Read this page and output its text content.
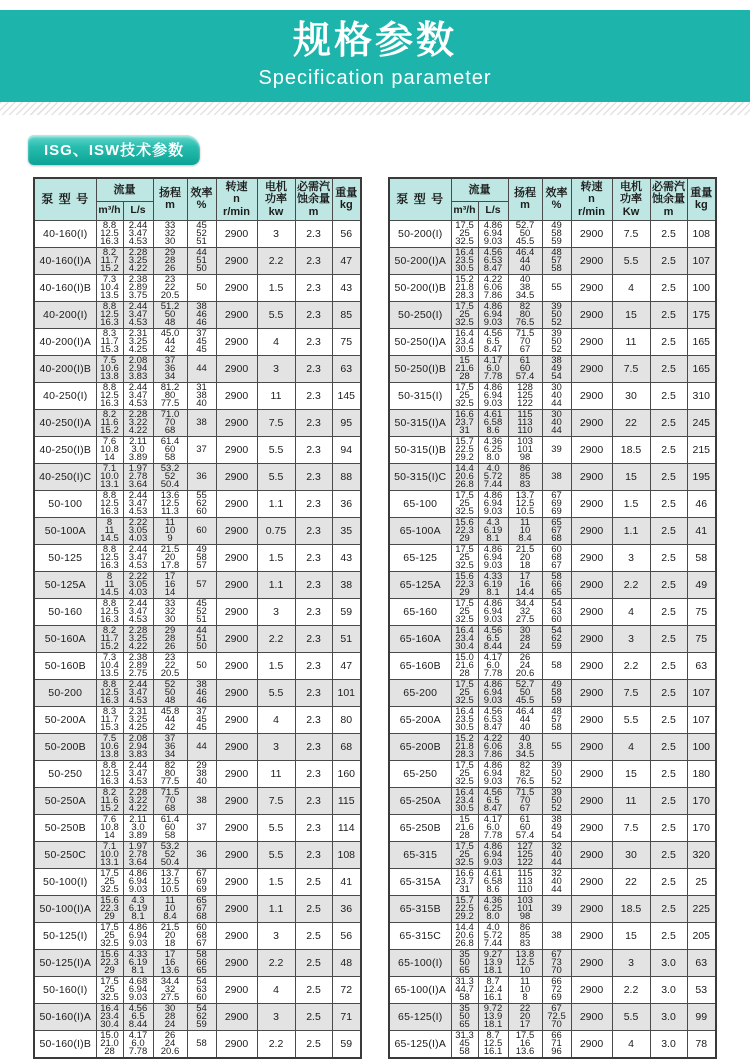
规格参数
Specification parameter
ISG、ISW技术参数
泵 型 号	流量		扬程
m	效率
%	转速
n
r/min	电机
功率
kw	必需汽
蚀余量
m	重量
kg
	m³/h	L/s						
40-160(I)	8.8
12.5
16.3	2.44
3.47
4.53	33
32
30	45
52
51	2900	3	2.3	56
40-160(I)A	8.2
11.7
15.2	2.28
3.25
4.22	29
28
26	44
51
50	2900	2.2	2.3	47
40-160(I)B	7.3
10.4
13.5	2.38
2.89
3.75	23
22
20.5	50	2900	1.5	2.3	43
40-200(I)	8.8
12.5
16.3	2.44
3.47
4.53	51.2
50
48	38
46
46	2900	5.5	2.3	85
40-200(I)A	8.3
11.7
15.3	2.31
3.25
4.25	45.0
44
42	37
45
45	2900	4	2.3	75
40-200(I)B	7.5
10.6
13.8	2.08
2.94
3.83	37
36
34	44	2900	3	2.3	63
40-250(I)	8.8
12.5
16.3	2.44
3.47
4.53	81.2
80
77.5	31
38
40	2900	11	2.3	145
40-250(I)A	8.2
11.6
15.2	2.28
3.22
4.22	71.0
70
68	38	2900	7.5	2.3	95
40-250(I)B	7.6
10.8
14	2.11
3.0
3.89	61.4
60
58	37	2900	5.5	2.3	94
40-250(I)C	7.1
10.0
13.1	1.97
2.78
3.64	53.2
52
50.4	36	2900	5.5	2.3	88
50-100	8.8
12.5
16.3	2.44
3.47
4.53	13.6
12.5
11.3	55
62
60	2900	1.1	2.3	36
50-100A	8
11
14.5	2.22
3.05
4.03	11
10
9	60	2900	0.75	2.3	35
50-125	8.8
12.5
16.3	2.44
3.47
4.53	21.5
20
17.8	49
58
57	2900	1.5	2.3	43
50-125A	8
11
14.5	2.22
3.05
4.03	17
16
14	57	2900	1.1	2.3	38
50-160	8.8
12.5
16.3	2.44
3.47
4.53	33
32
30	45
52
51	2900	3	2.3	59
50-160A	8.2
11.7
15.2	2.28
3.25
4.22	29
28
26	44
51
50	2900	2.2	2.3	51
50-160B	7.3
10.4
13.5	2.38
2.89
2.75	23
22
20.5	50	2900	1.5	2.3	47
50-200	8.8
12.5
16.3	2.44
3.47
4.53	52
50
48	38
46
46	2900	5.5	2.3	101
50-200A	8.3
11.7
15.3	2.31
3.25
4.25	45.8
44
42	37
45
45	2900	4	2.3	80
50-200B	7.5
10.6
13.8	2.08
2.94
3.83	37
36
34	44	2900	3	2.3	68
50-250	8.8
12.5
16.3	2.44
3.47
4.53	82
80
77.5	29
38
40	2900	11	2.3	160
50-250A	8.2
11.6
15.2	2.28
3.22
4.22	71.5
70
68	38	2900	7.5	2.3	115
50-250B	7.6
10.8
14	2.11
3.0
3.89	61.4
60
58	37	2900	5.5	2.3	114
50-250C	7.1
10.0
13.1	1.97
2.78
3.64	53.2
52
50.4	36	2900	5.5	2.3	108
50-100(I)	17.5
25
32.5	4.86
6.94
9.03	13.7
12.5
10.5	67
69
69	2900	1.5	2.5	41
50-100(I)A	15.6
22.3
29	4.3
6.19
8.1	11
10
8.4	65
67
68	2900	1.1	2.5	36
50-125(I)	17.5
25
32.5	4.86
6.94
9.03	21.5
20
18	60
68
67	2900	3	2.5	56
50-125(I)A	15.6
22.3
29	4.33
6.19
8.1	17
16
13.6	58
66
65	2900	2.2	2.5	48
50-160(I)	17.5
25
32.5	4.68
6.94
9.03	34.4
32
27.5	54
63
60	2900	4	2.5	72
50-160(I)A	16.4
23.4
30.4	4.56
6.5
8.44	30
28
24	54
62
59	2900	3	2.5	71
50-160(I)B	15.0
21.0
28	4.17
6.0
7.78	26
24
20.6	58	2900	2.2	2.5	59
泵 型 号	流量		扬程
m	效率
%	转速
n
r/min	电机
功率
Kw	必需汽
蚀余量
m	重量
kg
	m³/h	L/s						
50-200(I)	17.5
25
32.5	4.86
6.94
9.03	52.7
50
45.5	49
58
59	2900	7.5	2.5	108
50-200(I)A	16.4
23.5
30.5	4.56
6.53
8.47	46.4
44
40	48
57
58	2900	5.5	2.5	107
50-200(I)B	15.2
21.8
28.3	4.22
6.06
7.86	40
38
34.5	55	2900	4	2.5	100
50-250(I)	17.5
25
32.5	4.86
6.94
9.03	82
80
76.5	39
50
52	2900	15	2.5	175
50-250(I)A	16.4
23.4
30.5	4.56
6.5
8.47	71.5
70
67	39
50
52	2900	11	2.5	165
50-250(I)B	15
21.6
28	4.17
6.0
7.78	61
60
57.4	38
49
54	2900	7.5	2.5	165
50-315(I)	17.5
25
32.5	4.86
6.94
9.03	128
125
122	30
40
44	2900	30	2.5	310
50-315(I)A	16.6
23.7
31	4.61
6.58
8.6	115
113
110	30
40
44	2900	22	2.5	245
50-315(I)B	15.7
22.5
29.2	4.36
6.25
8.0	103
101
98	39	2900	18.5	2.5	215
50-315(I)C	14.4
20.6
26.8	4.0
5.72
7.44	86
85
83	38	2900	15	2.5	195
65-100	17.5
25
32.5	4.86
6.94
9.03	13.7
12.5
10.5	67
69
69	2900	1.5	2.5	46
65-100A	15.6
22.3
29	4.3
6.19
8.1	11
10
8.4	65
67
68	2900	1.1	2.5	41
65-125	17.5
25
32.5	4.86
6.94
9.03	21.5
20
18	60
68
67	2900	3	2.5	58
65-125A	15.6
22.3
29	4.33
6.19
8.1	17
16
14.4	58
66
65	2900	2.2	2.5	49
65-160	17.5
25
32.5	4.86
6.94
9.03	34.4
32
27.5	54
63
60	2900	4	2.5	75
65-160A	16.4
23.4
30.4	4.56
6.5
8.44	30
28
24	54
62
59	2900	3	2.5	75
65-160B	15.0
21.6
28	4.17
6.0
7.78	26
24
20.6	58	2900	2.2	2.5	63
65-200	17.5
25
32.5	4.86
6.94
9.03	52.7
50
45.5	49
58
59	2900	7.5	2.5	107
65-200A	16.4
23.5
30.5	4.56
6.53
8.47	46.4
44
40	48
57
58	2900	5.5	2.5	107
65-200B	15.2
21.8
28.3	4.22
6.06
7.86	40
3.8
34.5	55	2900	4	2.5	100
65-250	17.5
25
32.5	4.86
6.94
9.03	82
82
76.5	39
50
52	2900	15	2.5	180
65-250A	16.4
23.4
30.5	4.56
6.5
8.47	71.5
70
67	39
50
52	2900	11	2.5	170
65-250B	15
21.6
28	4.17
6.0
7.78	61
60
57.4	38
49
54	2900	7.5	2.5	170
65-315	17.5
25
32.5	4.86
6.94
9.03	127
125
122	32
40
44	2900	30	2.5	320
65-315A	16.6
23.7
31	4.61
6.58
8.6	115
113
110	32
40
44	2900	22	2.5	25
65-315B	15.7
22.5
29.2	4.36
6.25
8.0	103
101
98	39	2900	18.5	2.5	225
65-315C	14.4
20.6
26.8	4.0
5.72
7.44	86
85
83	38	2900	15	2.5	205
65-100(I)	35
50
65	9.27
13.9
18.1	13.8
12.5
10	67
73
70	2900	3	3.0	63
65-100(I)A	31.3
44.7
58	8.7
12.4
16.1	11
10
8	66
72
69	2900	2.2	3.0	53
65-125(I)	35
50
65	9.72
13.9
18.1	22
20
17	67
72.5
70	2900	5.5	3.0	99
65-125(I)A	31.3
45
58	8.7
12.5
16.1	17.5
16
13.6	66
71
96	2900	4	3.0	78
